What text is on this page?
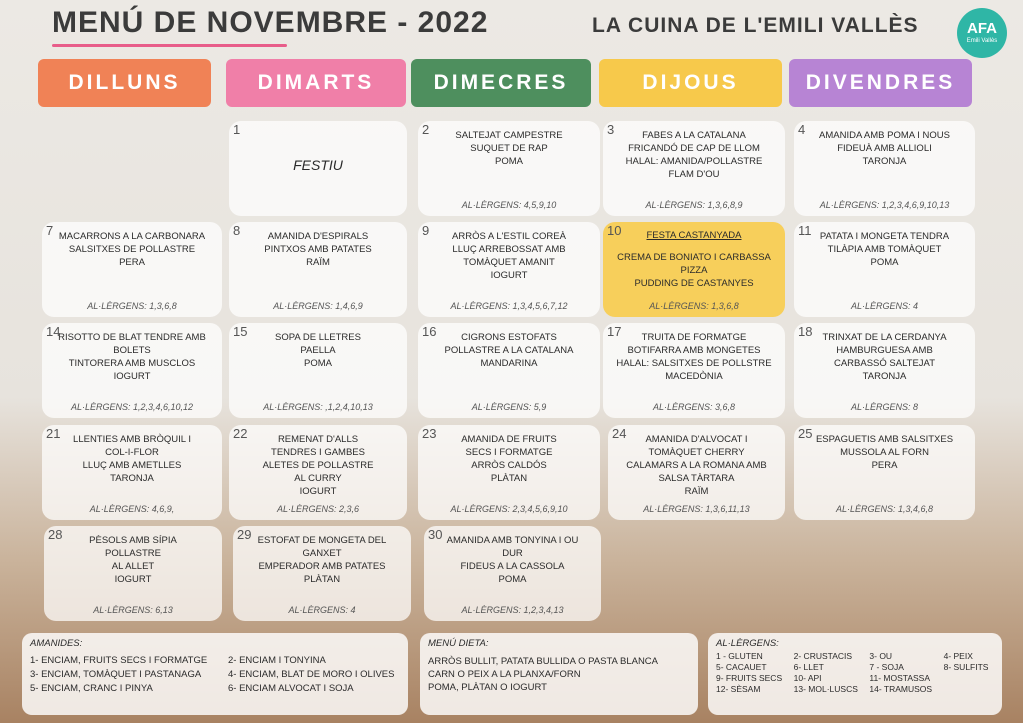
MENÚ DE NOVEMBRE - 2022	LA CUINA DE L'EMILI VALLÈS	AFA
Emili Vallès
DILLUNS	DIMARTS	DIMECRES	DIJOUS	DIVENDRES
1
FESTIU
2	SALTEJAT CAMPESTRE
SUQUET DE RAP
POMA
AL·LÈRGENS: 4,5,9,10
3	FABES A LA CATALANA
FRICANDÓ DE CAP DE LLOM
HALAL: AMANIDA/POLLASTRE
FLAM D'OU
AL·LÈRGENS: 1,3,6,8,9
4	AMANIDA AMB POMA I NOUS
FIDEUÀ AMB ALLIOLI
TARONJA
AL·LÈRGENS: 1,2,3,4,6,9,10,13
7 MACARRONS A LA CARBONARA
SALSITXES DE POLLASTRE
PERA
AL·LÈRGENS: 1,3,6,8
8	AMANIDA D'ESPIRALS
PINTXOS AMB PATATES
RAÏM
AL·LÈRGENS: 1,4,6,9
9	ARRÒS A L'ESTIL COREÀ
LLUÇ ARREBOSSAT AMB
TOMÀQUET AMANIT
IOGURT
AL·LÈRGENS: 1,3,4,5,6,7,12
10	FESTA CASTANYADA
CREMA DE BONIATO I CARBASSA
PIZZA
PUDDING DE CASTANYES
AL·LÈRGENS: 1,3,6,8
11 PATATA I MONGETA TENDRA
TILÀPIA AMB TOMÀQUET
POMA
AL·LÈRGENS: 4
14
RISOTTO DE BLAT TENDRE AMB
BOLETS
TINTORERA AMB MUSCLOS
IOGURT
AL·LÈRGENS: 1,2,3,4,6,10,12
15	SOPA DE LLETRES
PAELLA
POMA
AL·LÈRGENS: ,1,2,4,10,13
16	CIGRONS ESTOFATS
POLLASTRE A LA CATALANA
MANDARINA
AL·LÈRGENS: 5,9
17	TRUITA DE FORMATGE
BOTIFARRA AMB MONGETES
HALAL: SALSITXES DE POLLSTRE
MACEDÒNIA
AL·LÈRGENS: 3,6,8
18	TRINXAT DE LA CERDANYA
HAMBURGUESA AMB
CARBASSÓ SALTEJAT
TARONJA
AL·LÈRGENS: 8
21	LLENTIES AMB BRÒQUIL I
COL-I-FLOR
LLUÇ AMB AMETLLES
TARONJA
AL·LÈRGENS: 4,6,9,
22	REMENAT D'ALLS
TENDRES I GAMBES
ALETES DE POLLASTRE
AL CURRY
IOGURT
AL·LÈRGENS: 2,3,6
23	AMANIDA DE FRUITS
SECS I FORMATGE
ARRÒS CALDÓS
PLÀTAN
AL·LÈRGENS: 2,3,4,5,6,9,10
24	AMANIDA D'ALVOCAT I
TOMÀQUET CHERRY
CALAMARS A LA ROMANA AMB
SALSA TÀRTARA
RAÏM
AL·LÈRGENS: 1,3,6,11,13
25 ESPAGUETIS AMB SALSITXES
MUSSOLA AL FORN
PERA
AL·LÈRGENS: 1,3,4,6,8
28	PÈSOLS AMB SÍPIA
POLLASTRE
AL ALLET
IOGURT
AL·LÈRGENS: 6,13
29 ESTOFAT DE MONGETA DEL
GANXET
EMPERADOR AMB PATATES
PLÀTAN
AL·LÈRGENS: 4
30 AMANIDA AMB TONYINA I OU
DUR
FIDEUS A LA CASSOLA
POMA
AL·LÈRGENS: 1,2,3,4,13
AMANIDES:
1- ENCIAM, FRUITS SECS I FORMATGE	2- ENCIAM I TONYINA
3- ENCIAM, TOMÀQUET I PASTANAGA	4- ENCIAM, BLAT DE MORO I OLIVES
5- ENCIAM, CRANC I PINYA	6- ENCIAM ALVOCAT I SOJA
MENÚ DIETA:
ARRÒS BULLIT, PATATA BULLIDA O PASTA BLANCA
CARN O PEIX A LA PLANXA/FORN
POMA, PLÀTAN O IOGURT
AL·LÈRGENS:
1 - GLUTEN	2- CRUSTACIS	3- OU	4- PEIX
5- CACAUET	6- LLET	7 - SOJA	8- SULFITS
9- FRUITS SECS	10- API	11- MOSTASSA
12- SÈSAM	13- MOL·LUSCS	14- TRAMUSOS
